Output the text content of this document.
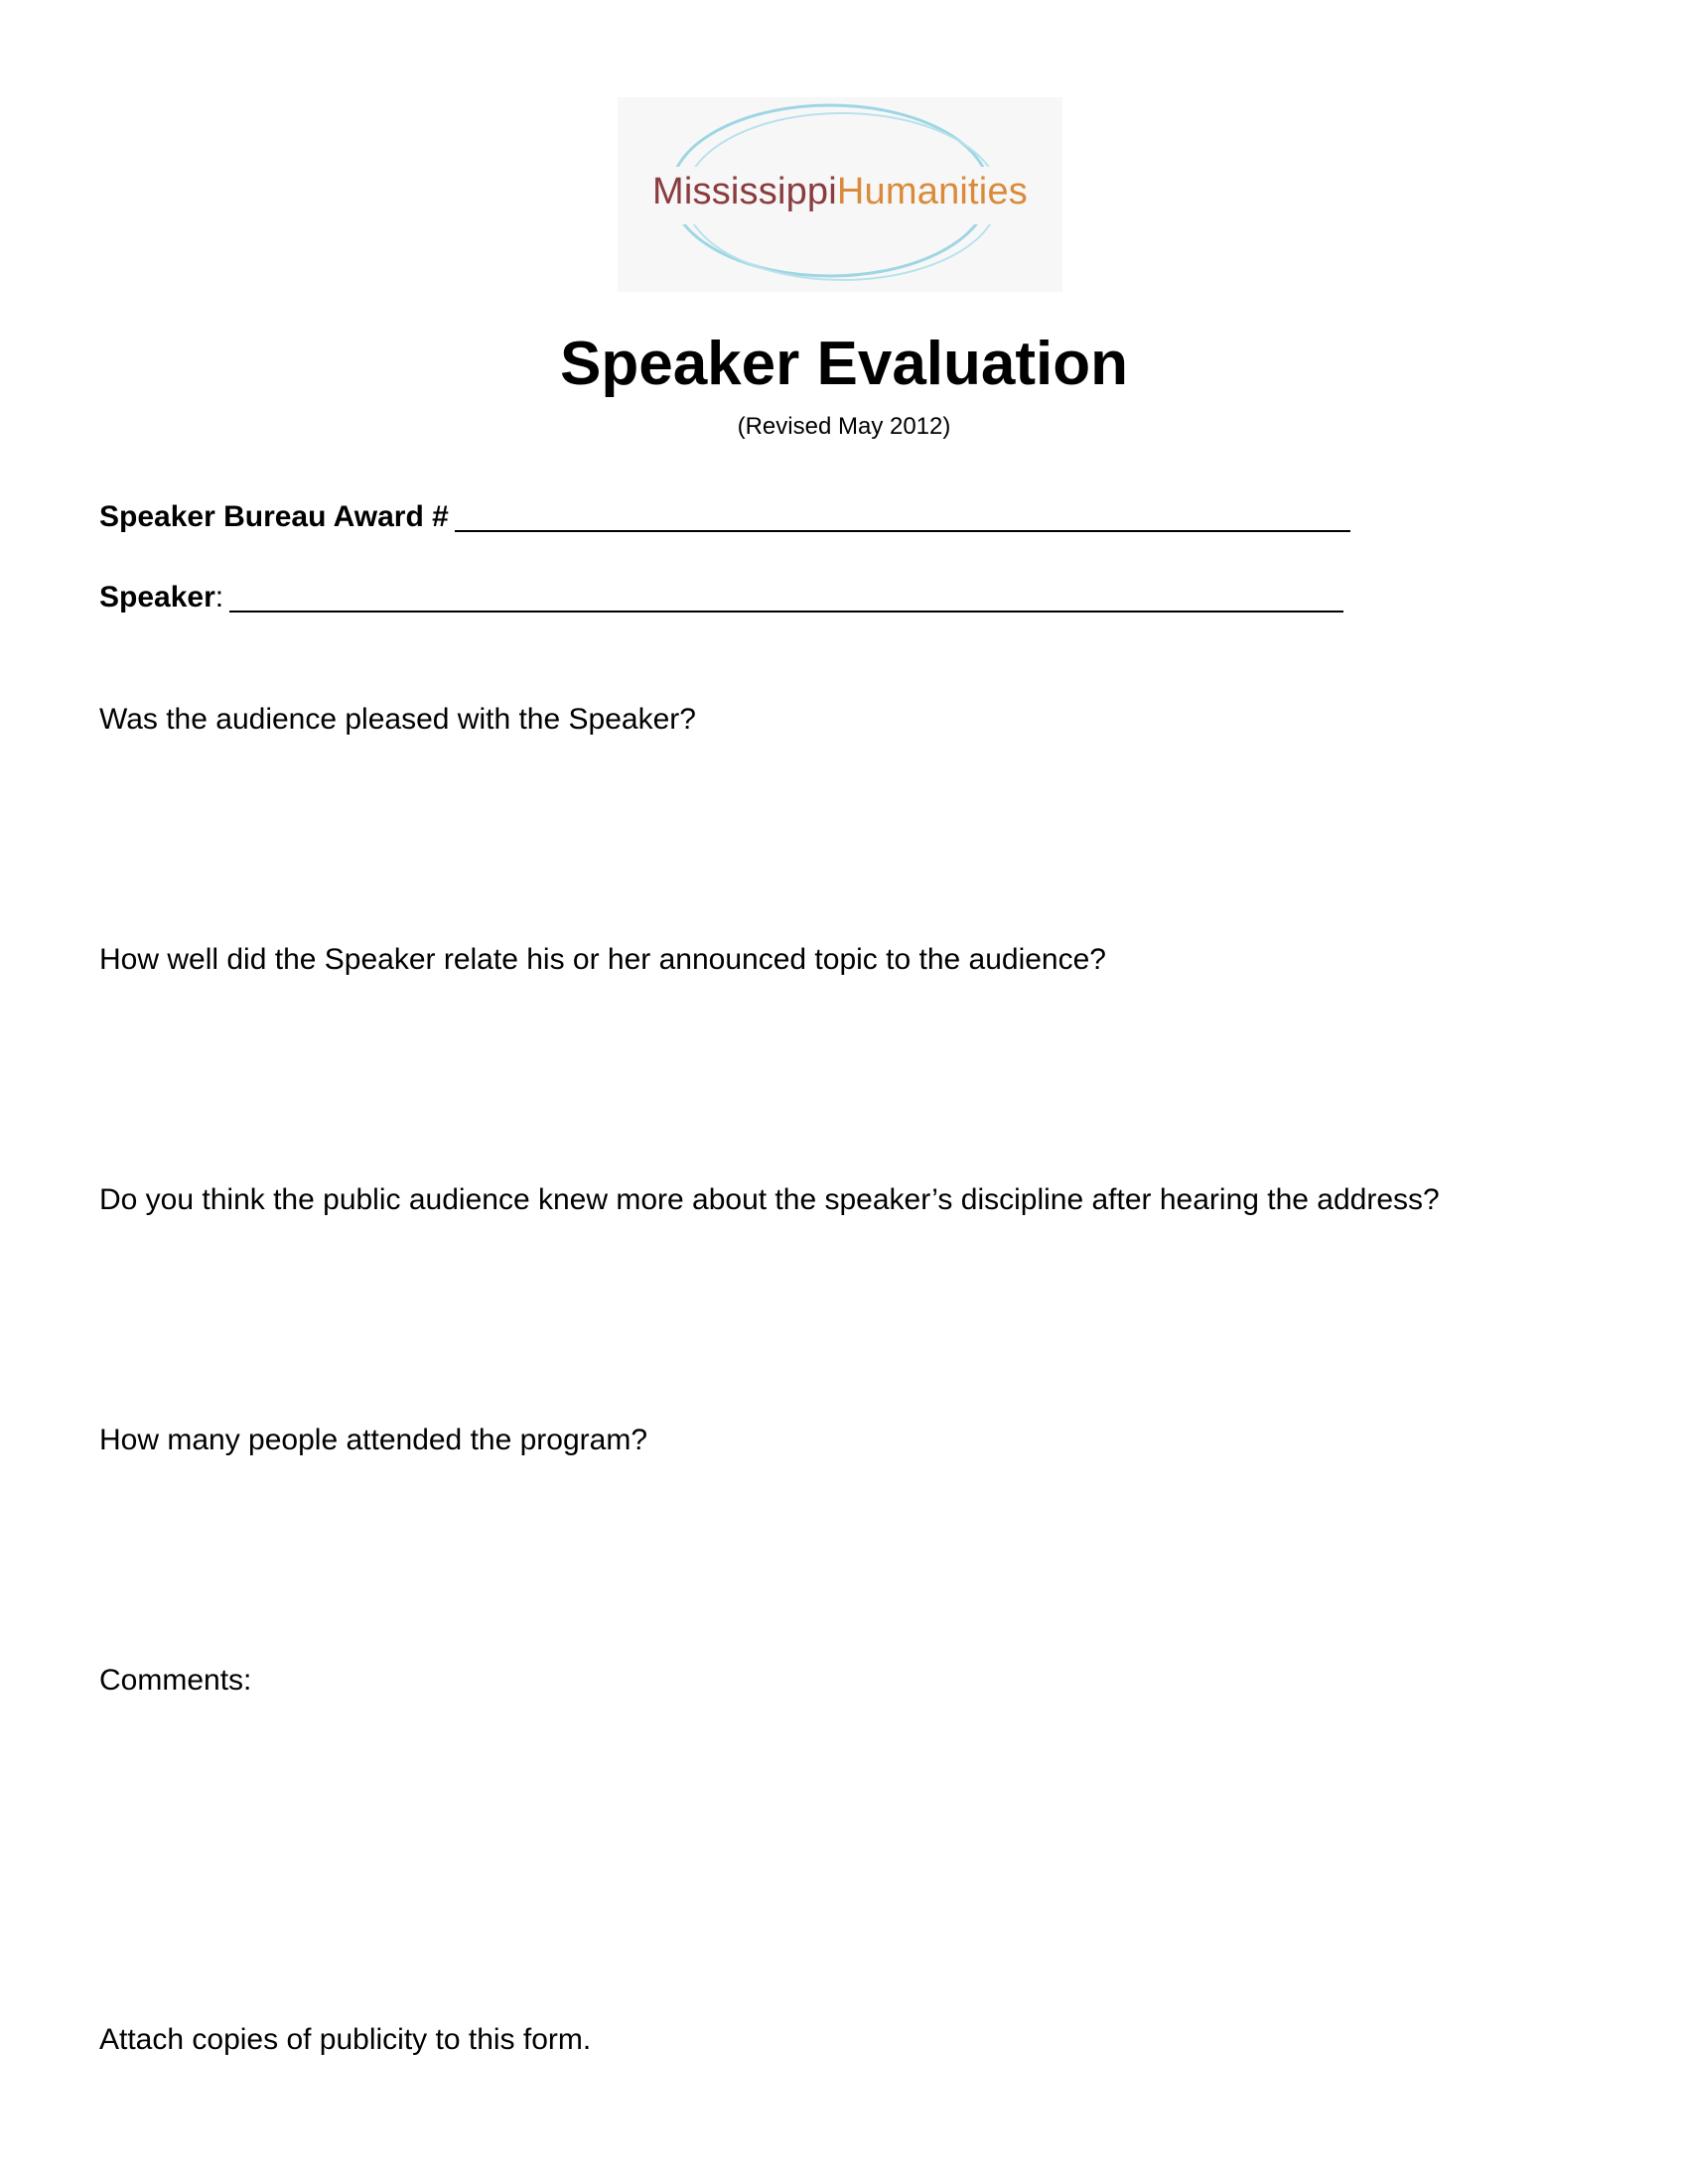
MississippiHumanities
Speaker Evaluation
(Revised May 2012)
Speaker Bureau Award #
Speaker :
Was the audience pleased with the Speaker?
How well did the Speaker relate his or her announced topic to the audience?
Do you think the public audience knew more about the speaker’s discipline after hearing the address?
How many people attended the program?
Comments:
Attach copies of publicity to this form.
